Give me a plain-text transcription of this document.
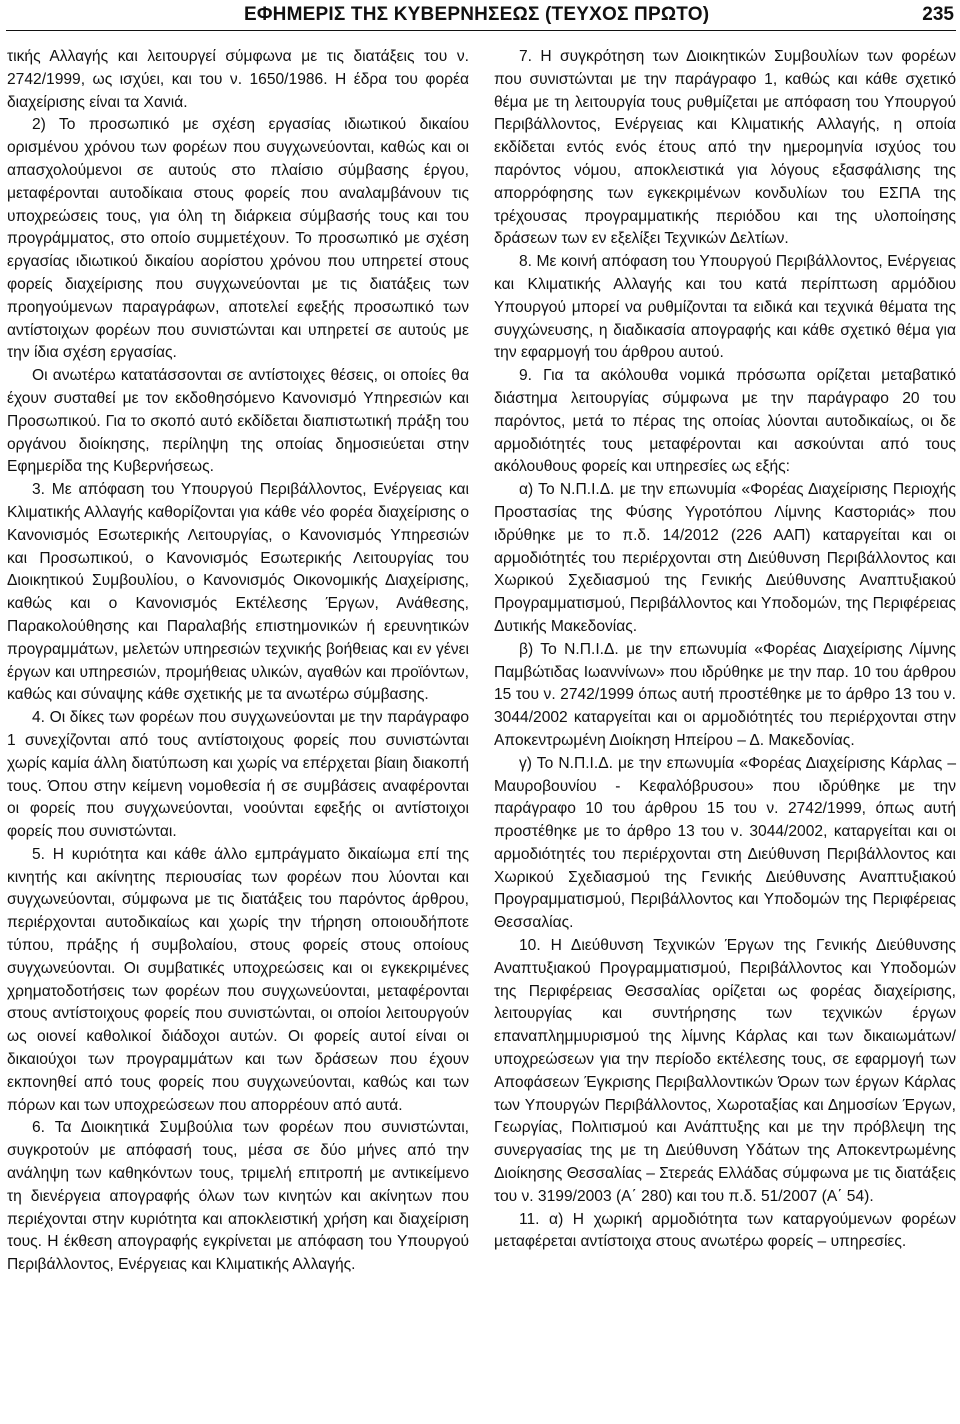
ΕΦΗΜΕΡΙΣ ΤΗΣ ΚΥΒΕΡΝΗΣΕΩΣ (ΤΕΥΧΟΣ ΠΡΩΤΟ)	235

τικής Αλλαγής και λειτουργεί σύμφωνα με τις διατάξεις του ν. 2742/1999, ως ισχύει, και του ν. 1650/1986. Η έδρα του φορέα διαχείρισης είναι τα Χανιά.

2) Το προσωπικό με σχέση εργασίας ιδιωτικού δικαίου ορισμένου χρόνου των φορέων που συγχωνεύονται, καθώς και οι απασχολούμενοι σε αυτούς στο πλαίσιο σύμβασης έργου, μεταφέρονται αυτοδίκαια στους φορείς που αναλαμβάνουν τις υποχρεώσεις τους, για όλη τη διάρκεια σύμβασής τους και του προγράμματος, στο οποίο συμμετέχουν. Το προσωπικό με σχέση εργασίας ιδιωτικού δικαίου αορίστου χρόνου που υπηρετεί στους φορείς διαχείρισης που συγχωνεύονται με τις διατάξεις των προηγούμενων παραγράφων, αποτελεί εφεξής προσωπικό των αντίστοιχων φορέων που συνιστώνται και υπηρετεί σε αυτούς με την ίδια σχέση εργασίας.

Οι ανωτέρω κατατάσσονται σε αντίστοιχες θέσεις, οι οποίες θα έχουν συσταθεί με τον εκδοθησόμενο Κανονισμό Υπηρεσιών και Προσωπικού. Για το σκοπό αυτό εκδίδεται διαπιστωτική πράξη του οργάνου διοίκησης, περίληψη της οποίας δημοσιεύεται στην Εφημερίδα της Κυβερνήσεως.

3. Με απόφαση του Υπουργού Περιβάλλοντος, Ενέργειας και Κλιματικής Αλλαγής καθορίζονται για κάθε νέο φορέα διαχείρισης ο Κανονισμός Εσωτερικής Λειτουργίας, ο Κανονισμός Υπηρεσιών και Προσωπικού, ο Κανονισμός Εσωτερικής Λειτουργίας του Διοικητικού Συμβουλίου, ο Κανονισμός Οικονομικής Διαχείρισης, καθώς και ο Κανονισμός Εκτέλεσης Έργων, Ανάθεσης, Παρακολούθησης και Παραλαβής επιστημονικών ή ερευνητικών προγραμμάτων, μελετών υπηρεσιών τεχνικής βοήθειας και εν γένει έργων και υπηρεσιών, προμήθειας υλικών, αγαθών και προϊόντων, καθώς και σύναψης κάθε σχετικής με τα ανωτέρω σύμβασης.

4. Οι δίκες των φορέων που συγχωνεύονται με την παράγραφο 1 συνεχίζονται από τους αντίστοιχους φορείς που συνιστώνται χωρίς καμία άλλη διατύπωση και χωρίς να επέρχεται βίαιη διακοπή τους. Όπου στην κείμενη νομοθεσία ή σε συμβάσεις αναφέρονται οι φορείς που συγχωνεύονται, νοούνται εφεξής οι αντίστοιχοι φορείς που συνιστώνται.

5. Η κυριότητα και κάθε άλλο εμπράγματο δικαίωμα επί της κινητής και ακίνητης περιουσίας των φορέων που λύονται και συγχωνεύονται, σύμφωνα με τις διατάξεις του παρόντος άρθρου, περιέρχονται αυτοδικαίως και χωρίς την τήρηση οποιουδήποτε τύπου, πράξης ή συμβολαίου, στους φορείς στους οποίους συγχωνεύονται. Οι συμβατικές υποχρεώσεις και οι εγκεκριμένες χρηματοδοτήσεις των φορέων που συγχωνεύονται, μεταφέρονται στους αντίστοιχους φορείς που συνιστώνται, οι οποίοι λειτουργούν ως οιονεί καθολικοί διάδοχοι αυτών. Οι φορείς αυτοί είναι οι δικαιούχοι των προγραμμάτων και των δράσεων που έχουν εκπονηθεί από τους φορείς που συγχωνεύονται, καθώς και των πόρων και των υποχρεώσεων που απορρέουν από αυτά.

6. Τα Διοικητικά Συμβούλια των φορέων που συνιστώνται, συγκροτούν με απόφασή τους, μέσα σε δύο μήνες από την ανάληψη των καθηκόντων τους, τριμελή επιτροπή με αντικείμενο τη διενέργεια απογραφής όλων των κινητών και ακίνητων που περιέχονται στην κυριότητα και αποκλειστική χρήση και διαχείριση τους. Η έκθεση απογραφής εγκρίνεται με απόφαση του Υπουργού Περιβάλλοντος, Ενέργειας και Κλιματικής Αλλαγής.

7. Η συγκρότηση των Διοικητικών Συμβουλίων των φορέων που συνιστώνται με την παράγραφο 1, καθώς και κάθε σχετικό θέμα με τη λειτουργία τους ρυθμίζεται με απόφαση του Υπουργού Περιβάλλοντος, Ενέργειας και Κλιματικής Αλλαγής, η οποία εκδίδεται εντός ενός έτους από την ημερομηνία ισχύος του παρόντος νόμου, αποκλειστικά για λόγους εξασφάλισης της απορρόφησης των εγκεκριμένων κονδυλίων του ΕΣΠΑ της τρέχουσας προγραμματικής περιόδου και της υλοποίησης δράσεων των εν εξελίξει Τεχνικών Δελτίων.

8. Με κοινή απόφαση του Υπουργού Περιβάλλοντος, Ενέργειας και Κλιματικής Αλλαγής και του κατά περίπτωση αρμόδιου Υπουργού μπορεί να ρυθμίζονται τα ειδικά και τεχνικά θέματα της συγχώνευσης, η διαδικασία απογραφής και κάθε σχετικό θέμα για την εφαρμογή του άρθρου αυτού.

9. Για τα ακόλουθα νομικά πρόσωπα ορίζεται μεταβατικό διάστημα λειτουργίας σύμφωνα με την παράγραφο 20 του παρόντος, μετά το πέρας της οποίας λύονται αυτοδικαίως, οι δε αρμοδιότητές τους μεταφέρονται και ασκούνται από τους ακόλουθους φορείς και υπηρεσίες ως εξής:

α) Το Ν.Π.Ι.Δ. με την επωνυμία «Φορέας Διαχείρισης Περιοχής Προστασίας της Φύσης Υγροτόπου Λίμνης Καστοριάς» που ιδρύθηκε με το π.δ. 14/2012 (226 ΑΑΠ) καταργείται και οι αρμοδιότητές του περιέρχονται στη Διεύθυνση Περιβάλλοντος και Χωρικού Σχεδιασμού της Γενικής Διεύθυνσης Αναπτυξιακού Προγραμματισμού, Περιβάλλοντος και Υποδομών, της Περιφέρειας Δυτικής Μακεδονίας.

β) Το Ν.Π.Ι.Δ. με την επωνυμία «Φορέας Διαχείρισης Λίμνης Παμβώτιδας Ιωαννίνων» που ιδρύθηκε με την παρ. 10 του άρθρου 15 του ν. 2742/1999 όπως αυτή προστέθηκε με το άρθρο 13 του ν. 3044/2002 καταργείται και οι αρμοδιότητές του περιέρχονται στην Αποκεντρωμένη Διοίκηση Ηπείρου – Δ. Μακεδονίας.

γ) Το Ν.Π.Ι.Δ. με την επωνυμία «Φορέας Διαχείρισης Κάρλας – Μαυροβουνίου - Κεφαλόβρυσου» που ιδρύθηκε με την παράγραφο 10 του άρθρου 15 του ν. 2742/1999, όπως αυτή προστέθηκε με το άρθρο 13 του ν. 3044/2002, καταργείται και οι αρμοδιότητές του περιέρχονται στη Διεύθυνση Περιβάλλοντος και Χωρικού Σχεδιασμού της Γενικής Διεύθυνσης Αναπτυξιακού Προγραμματισμού, Περιβάλλοντος και Υποδομών της Περιφέρειας Θεσσαλίας.

10. Η Διεύθυνση Τεχνικών Έργων της Γενικής Διεύθυνσης Αναπτυξιακού Προγραμματισμού, Περιβάλλοντος και Υποδομών της Περιφέρειας Θεσσαλίας ορίζεται ως φορέας διαχείρισης, λειτουργίας και συντήρησης των τεχνικών έργων επαναπλημμυρισμού της λίμνης Κάρλας και των δικαιωμάτων/υποχρεώσεων για την περίοδο εκτέλεσης τους, σε εφαρμογή των Αποφάσεων Έγκρισης Περιβαλλοντικών Όρων των έργων Κάρλας των Υπουργών Περιβάλλοντος, Χωροταξίας και Δημοσίων Έργων, Γεωργίας, Πολιτισμού και Ανάπτυξης και με την πρόβλεψη της συνεργασίας της με τη Διεύθυνση Υδάτων της Αποκεντρωμένης Διοίκησης Θεσσαλίας – Στερεάς Ελλάδας σύμφωνα με τις διατάξεις του ν. 3199/2003 (Α΄ 280) και του π.δ. 51/2007 (Α΄ 54).

11. α) Η χωρική αρμοδιότητα των καταργούμενων φορέων μεταφέρεται αντίστοιχα στους ανωτέρω φορείς – υπηρεσίες.
